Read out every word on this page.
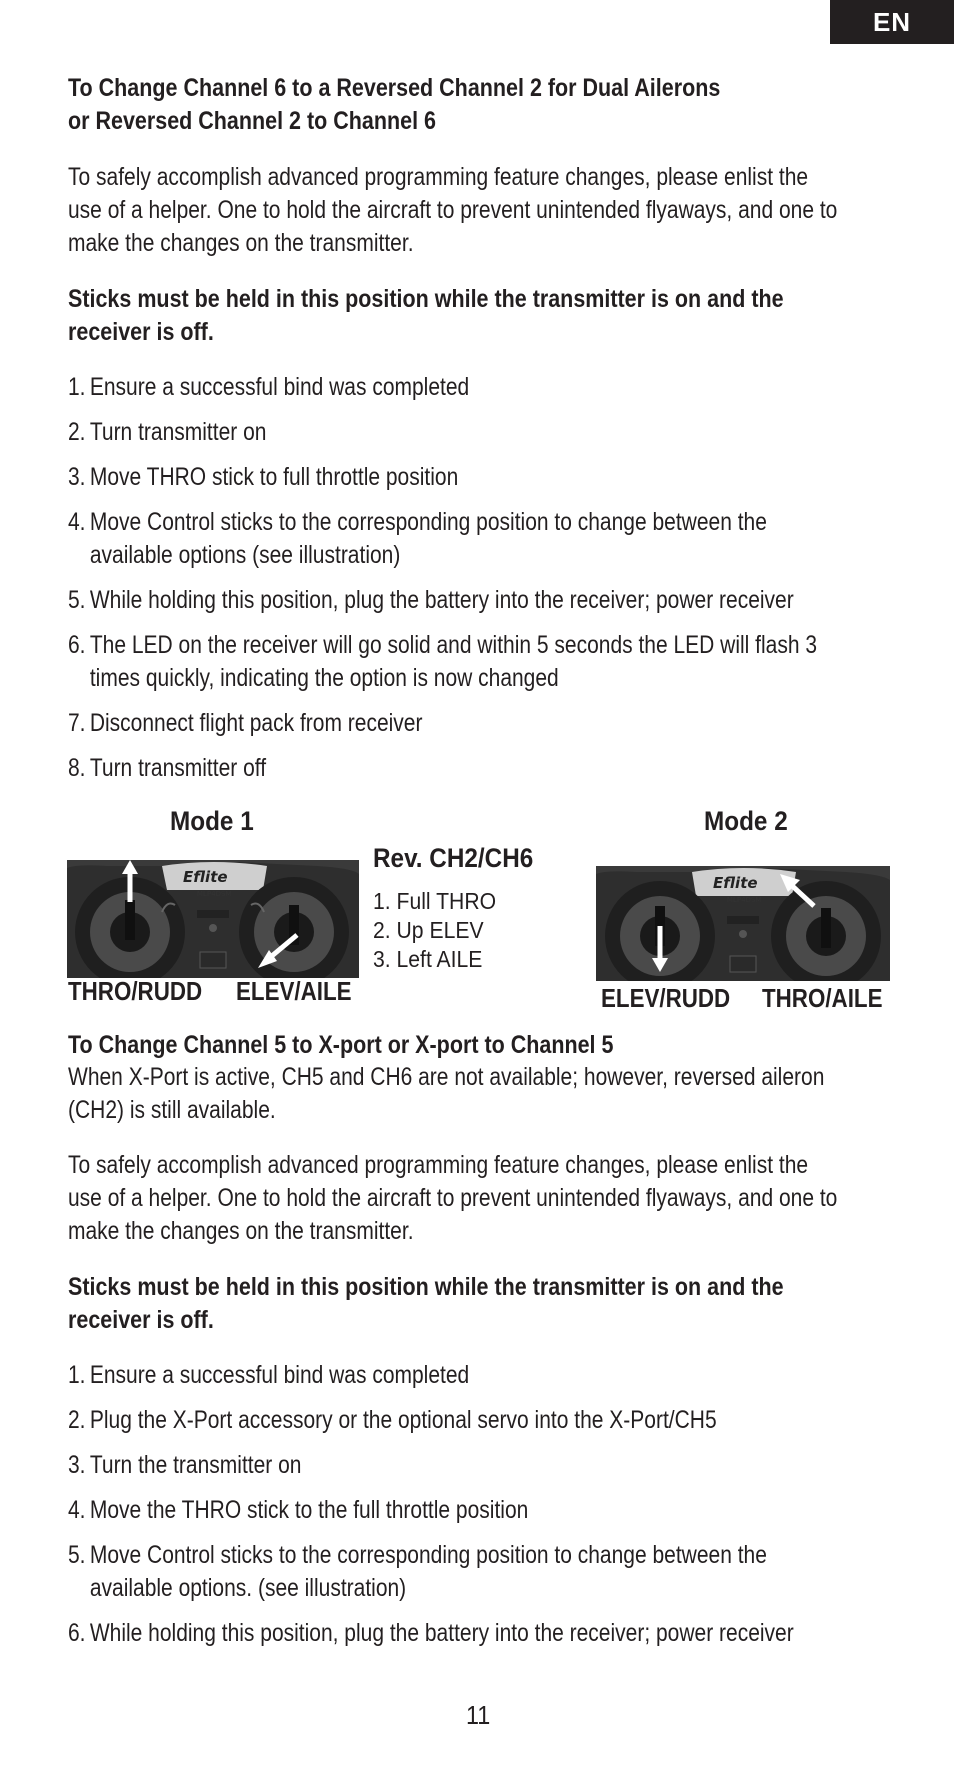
EN
To Change Channel 6 to a Reversed Channel 2 for Dual Ailerons
or Reversed Channel 2 to Channel 6
To safely accomplish advanced programming feature changes, please enlist the
use of a helper. One to hold the aircraft to prevent unintended flyaways, and one to
make the changes on the transmitter.
Sticks must be held in this position while the transmitter is on and the
receiver is off.
1. Ensure a successful bind was completed
2. Turn transmitter on
3. Move THRO stick to full throttle position
4. Move Control sticks to the corresponding position to change between the
available options (see illustration)
5. While holding this position, plug the battery into the receiver; power receiver
6. The LED on the receiver will go solid and within 5 seconds the LED will flash 3
times quickly, indicating the option is now changed
7. Disconnect flight pack from receiver
8. Turn transmitter off
Mode 1
Eflite
MLP4DSM
THRO/RUDD ELEV/AILE
Rev. CH2/CH6
1. Full THRO
2. Up ELEV
3. Left AILE
Mode 2
Eflite
MLP4DSM
ELEV/RUDD THRO/AILE
To Change Channel 5 to X-port or X-port to Channel 5
When X-Port is active, CH5 and CH6 are not available; however, reversed aileron
(CH2) is still available.
To safely accomplish advanced programming feature changes, please enlist the
use of a helper. One to hold the aircraft to prevent unintended flyaways, and one to
make the changes on the transmitter.
Sticks must be held in this position while the transmitter is on and the
receiver is off.
1. Ensure a successful bind was completed
2. Plug the X-Port accessory or the optional servo into the X-Port/CH5
3. Turn the transmitter on
4. Move the THRO stick to the full throttle position
5. Move Control sticks to the corresponding position to change between the
available options. (see illustration)
6. While holding this position, plug the battery into the receiver; power receiver
11
